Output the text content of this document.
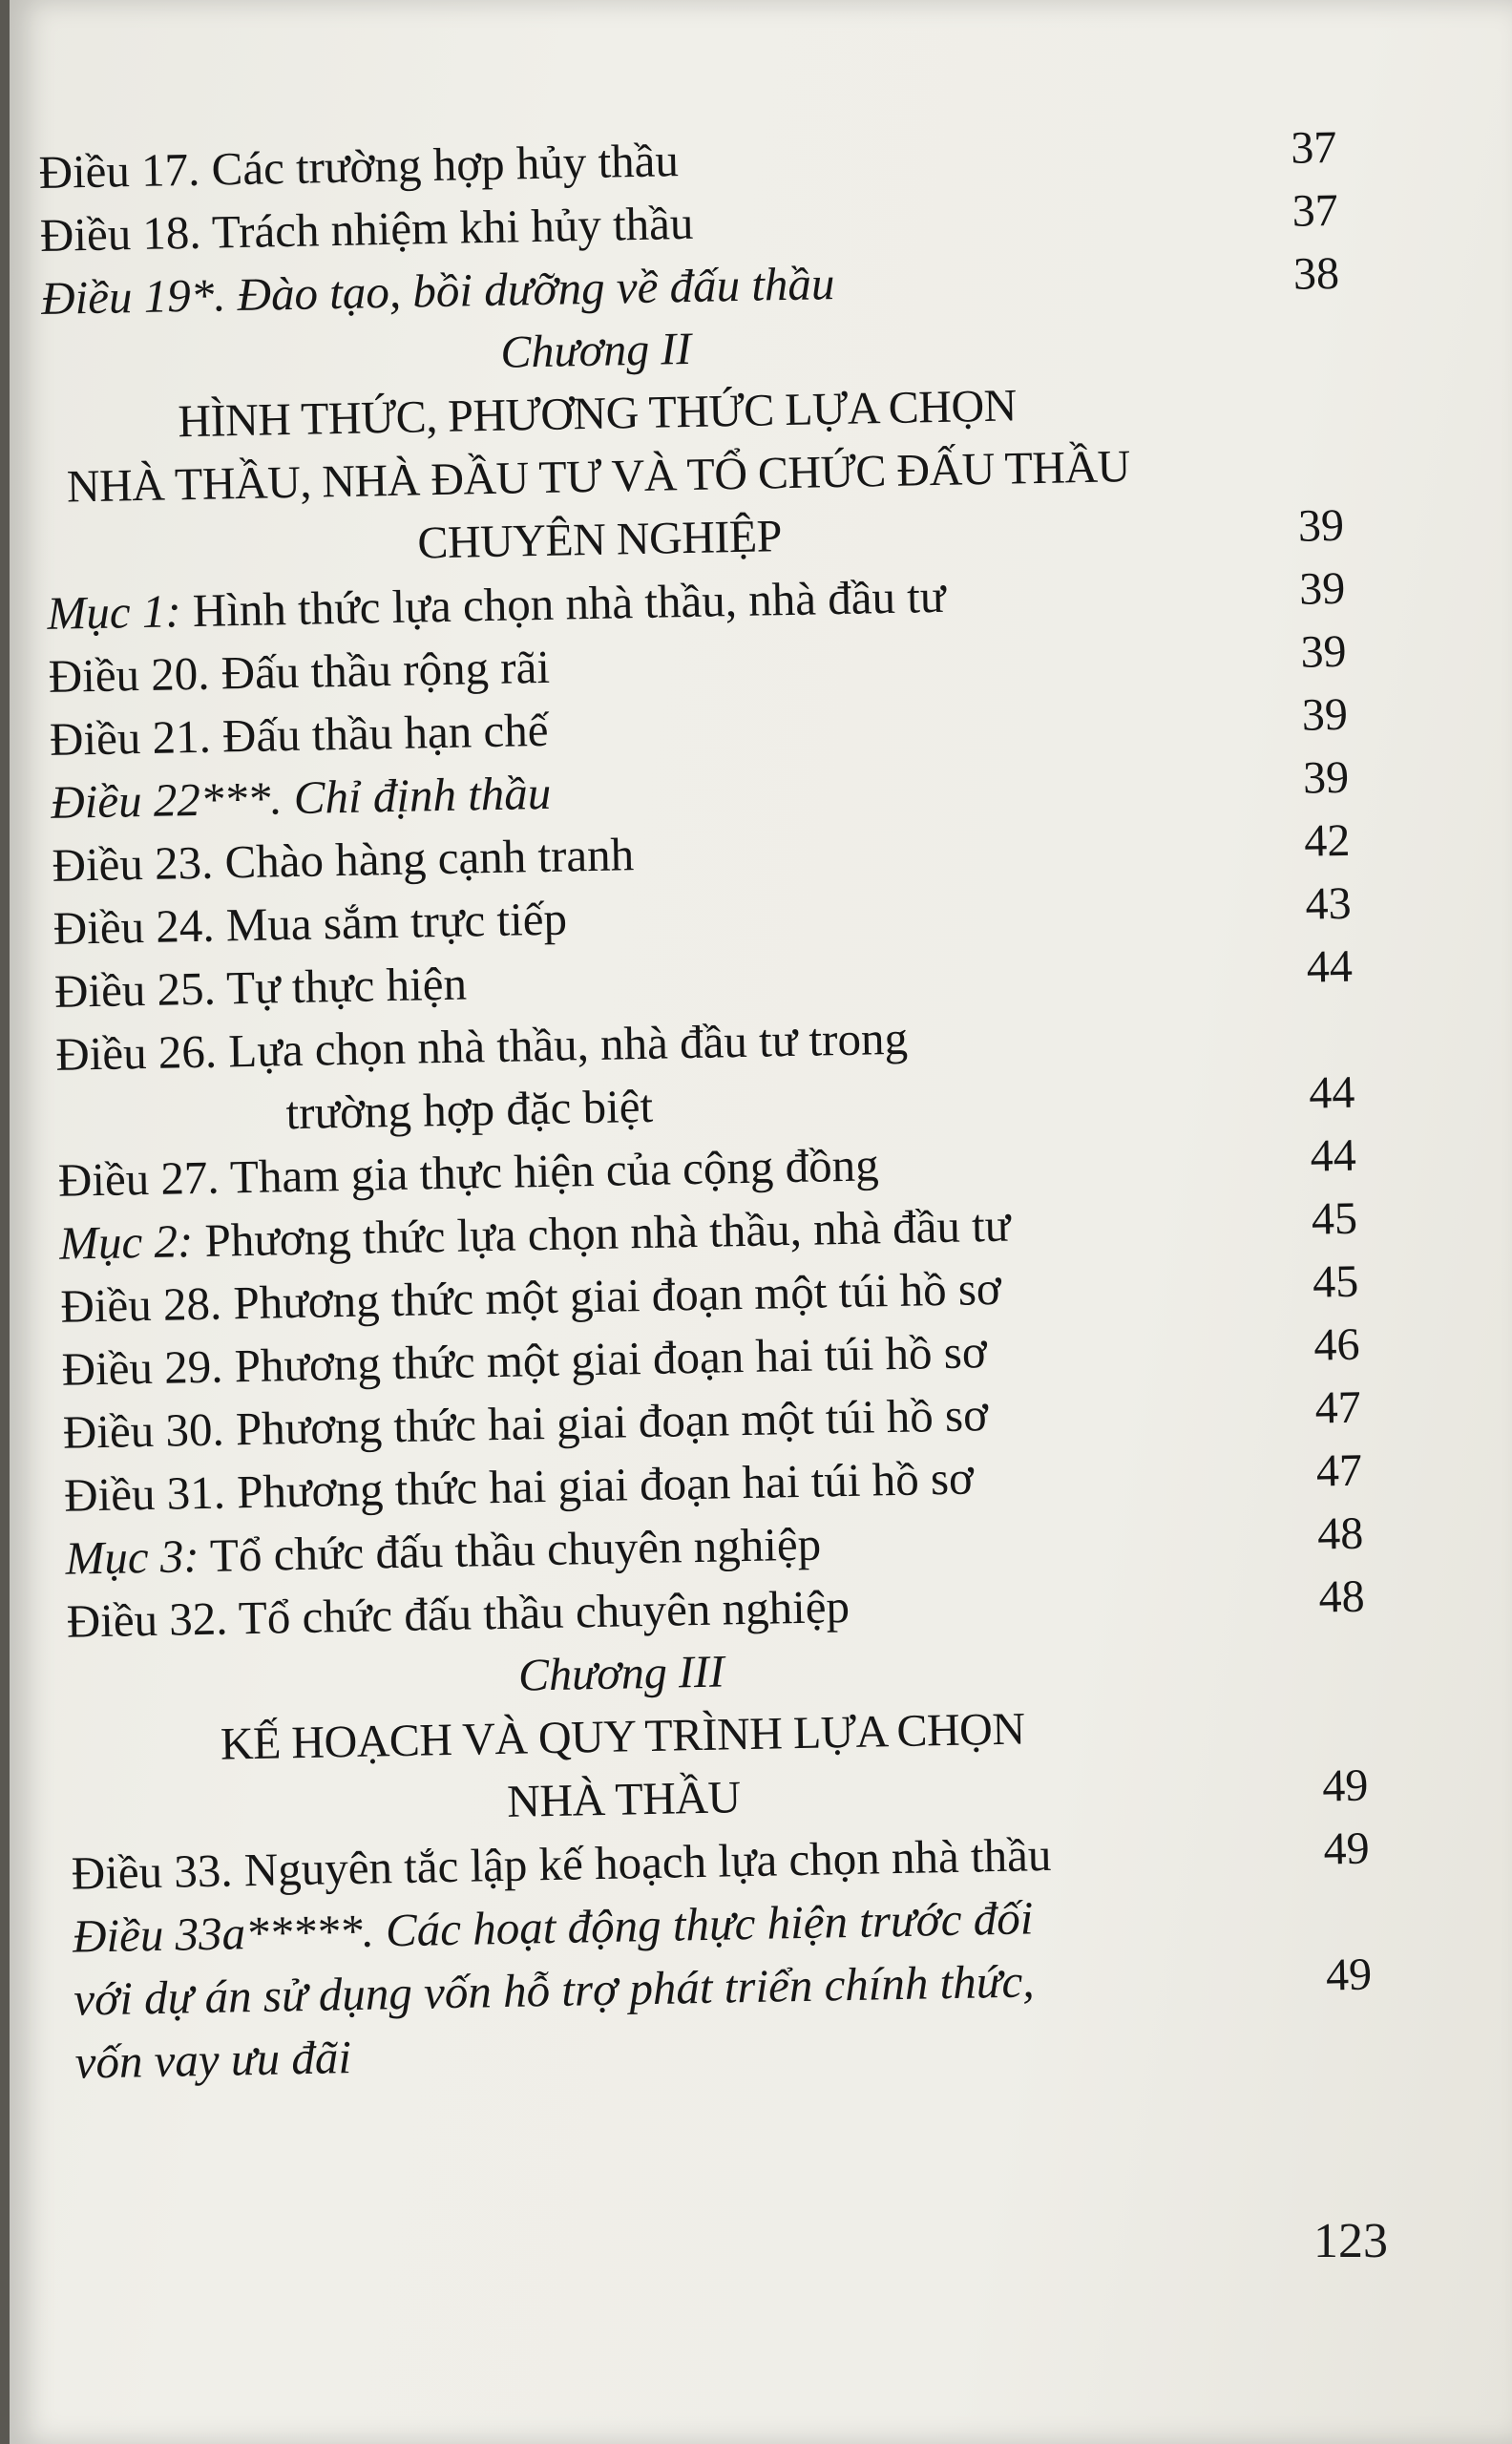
Điều 17. Các trường hợp hủy thầu	37
Điều 18. Trách nhiệm khi hủy thầu	37
Điều 19*. Đào tạo, bồi dưỡng về đấu thầu	38
Chương II
HÌNH THỨC, PHƯƠNG THỨC LỰA CHỌN
NHÀ THẦU, NHÀ ĐẦU TƯ VÀ TỔ CHỨC ĐẤU THẦU
CHUYÊN NGHIỆP	39
Mục 1: Hình thức lựa chọn nhà thầu, nhà đầu tư	39
Điều 20. Đấu thầu rộng rãi	39
Điều 21. Đấu thầu hạn chế	39
Điều 22***. Chỉ định thầu	39
Điều 23. Chào hàng cạnh tranh	42
Điều 24. Mua sắm trực tiếp	43
Điều 25. Tự thực hiện	44
Điều 26. Lựa chọn nhà thầu, nhà đầu tư trong
trường hợp đặc biệt	44
Điều 27. Tham gia thực hiện của cộng đồng	44
Mục 2: Phương thức lựa chọn nhà thầu, nhà đầu tư	45
Điều 28. Phương thức một giai đoạn một túi hồ sơ	45
Điều 29. Phương thức một giai đoạn hai túi hồ sơ	46
Điều 30. Phương thức hai giai đoạn một túi hồ sơ	47
Điều 31. Phương thức hai giai đoạn hai túi hồ sơ	47
Mục 3: Tổ chức đấu thầu chuyên nghiệp	48
Điều 32. Tổ chức đấu thầu chuyên nghiệp	48
Chương III
KẾ HOẠCH VÀ QUY TRÌNH LỰA CHỌN
NHÀ THẦU	49
Điều 33. Nguyên tắc lập kế hoạch lựa chọn nhà thầu	49
Điều 33a*****. Các hoạt động thực hiện trước đối
với dự án sử dụng vốn hỗ trợ phát triển chính thức,	49
vốn vay ưu đãi
123
